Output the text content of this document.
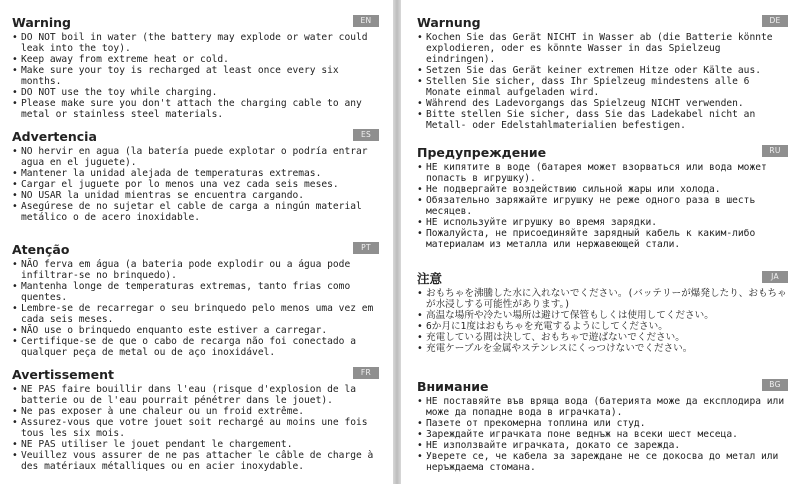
Warning	EN
• DO NOT boil in water (the battery may explode or water could leak into the toy).
• Keep away from extreme heat or cold.
• Make sure your toy is recharged at least once every six months.
• DO NOT use the toy while charging.
• Please make sure you don't attach the charging cable to any metal or stainless steel materials.
Advertencia	ES
• NO hervir en agua (la batería puede explotar o podría entrar agua en el juguete).
• Mantener la unidad alejada de temperaturas extremas.
• Cargar el juguete por lo menos una vez cada seis meses.
• NO USAR la unidad mientras se encuentra cargando.
• Asegúrese de no sujetar el cable de carga a ningún material metálico o de acero inoxidable.
Atenção	PT
• NÃO ferva em água (a bateria pode explodir ou a água pode infiltrar-se no brinquedo).
• Mantenha longe de temperaturas extremas, tanto frias como quentes.
• Lembre-se de recarregar o seu brinquedo pelo menos uma vez em cada seis meses.
• NÃO use o brinquedo enquanto este estiver a carregar.
• Certifique-se de que o cabo de recarga não foi conectado a qualquer peça de metal ou de aço inoxidável.
Avertissement	FR
• NE PAS faire bouillir dans l'eau (risque d'explosion de la batterie ou de l'eau pourrait pénétrer dans le jouet).
• Ne pas exposer à une chaleur ou un froid extrême.
• Assurez-vous que votre jouet soit rechargé au moins une fois tous les six mois.
• NE PAS utiliser le jouet pendant le chargement.
• Veuillez vous assurer de ne pas attacher le câble de charge à des matériaux métalliques ou en acier inoxydable.
Warnung	DE
• Kochen Sie das Gerät NICHT in Wasser ab (die Batterie könnte explodieren, oder es könnte Wasser in das Spielzeug eindringen).
• Setzen Sie das Gerät keiner extremen Hitze oder Kälte aus.
• Stellen Sie sicher, dass Ihr Spielzeug mindestens alle 6 Monate einmal aufgeladen wird.
• Während des Ladevorgangs das Spielzeug NICHT verwenden.
• Bitte stellen Sie sicher, dass Sie das Ladekabel nicht an Metall- oder Edelstahlmaterialien befestigen.
Предупреждение	RU
• НЕ кипятите в воде (батарея может взорваться или вода может попасть в игрушку).
• Не подвергайте воздействию сильной жары или холода.
• Обязательно заряжайте игрушку не реже одного раза в шесть месяцев.
• НЕ используйте игрушку во время зарядки.
• Пожалуйста, не присоединяйте зарядный кабель к каким-либо материалам из металла или нержавеющей стали.
注意	JA
• おもちゃを沸騰した水に入れないでください。(バッテリーが爆発したり、おもちゃが水浸しする可能性があります。)
• 高温な場所や冷たい場所は避けて保管もしくは使用してください。
• 6か月に1度はおもちゃを充電するようにしてください。
• 充電している間は決して、おもちゃで遊ばないでください。
• 充電ケーブルを金属やステンレスにくっつけないでください。
Внимание	BG
• НЕ поставяйте във вряща вода (батерията може да експлодира или може да попадне вода в играчката).
• Пазете от прекомерна топлина или студ.
• Зареждайте играчката поне веднъж на всеки шест месеца.
• НЕ използвайте играчката, докато се зарежда.
• Уверете се, че кабела за зареждане не се докосва до метал или неръждаема стомана.
